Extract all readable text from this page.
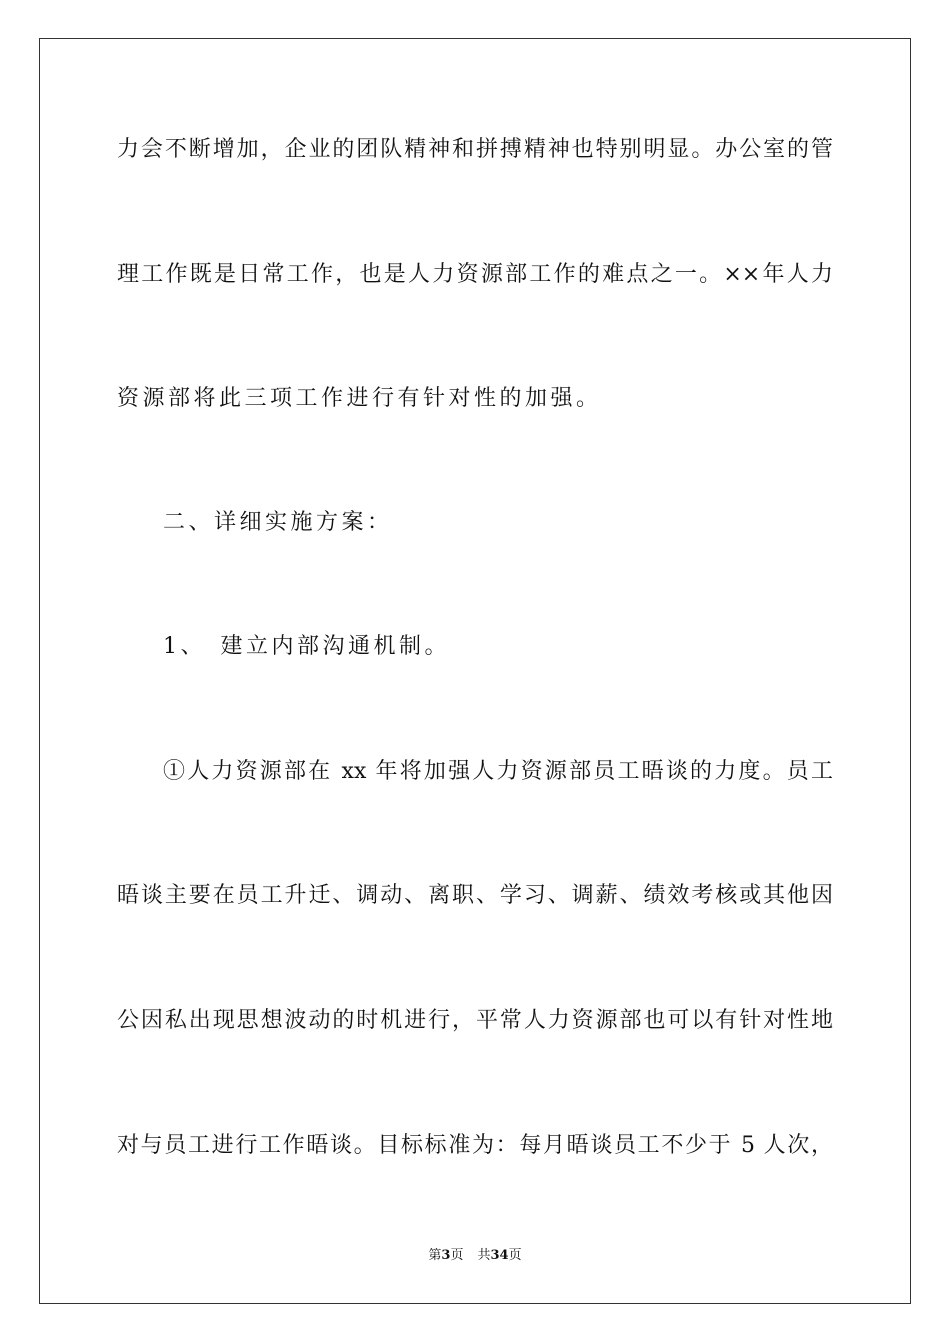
力会不断增加，企业的团队精神和拼搏精神也特别明显。办公室的管
理工作既是日常工作，也是人力资源部工作的难点之一。××年人力
资源部将此三项工作进行有针对性的加强。
二、详细实施方案：
1、　建立内部沟通机制。
①人力资源部在 xx 年将加强人力资源部员工晤谈的力度。员工
晤谈主要在员工升迁、调动、离职、学习、调薪、绩效考核或其他因
公因私出现思想波动的时机进行，平常人力资源部也可以有针对性地
对与员工进行工作晤谈。目标标准为：每月晤谈员工不少于 5 人次，
第3页 共34页
